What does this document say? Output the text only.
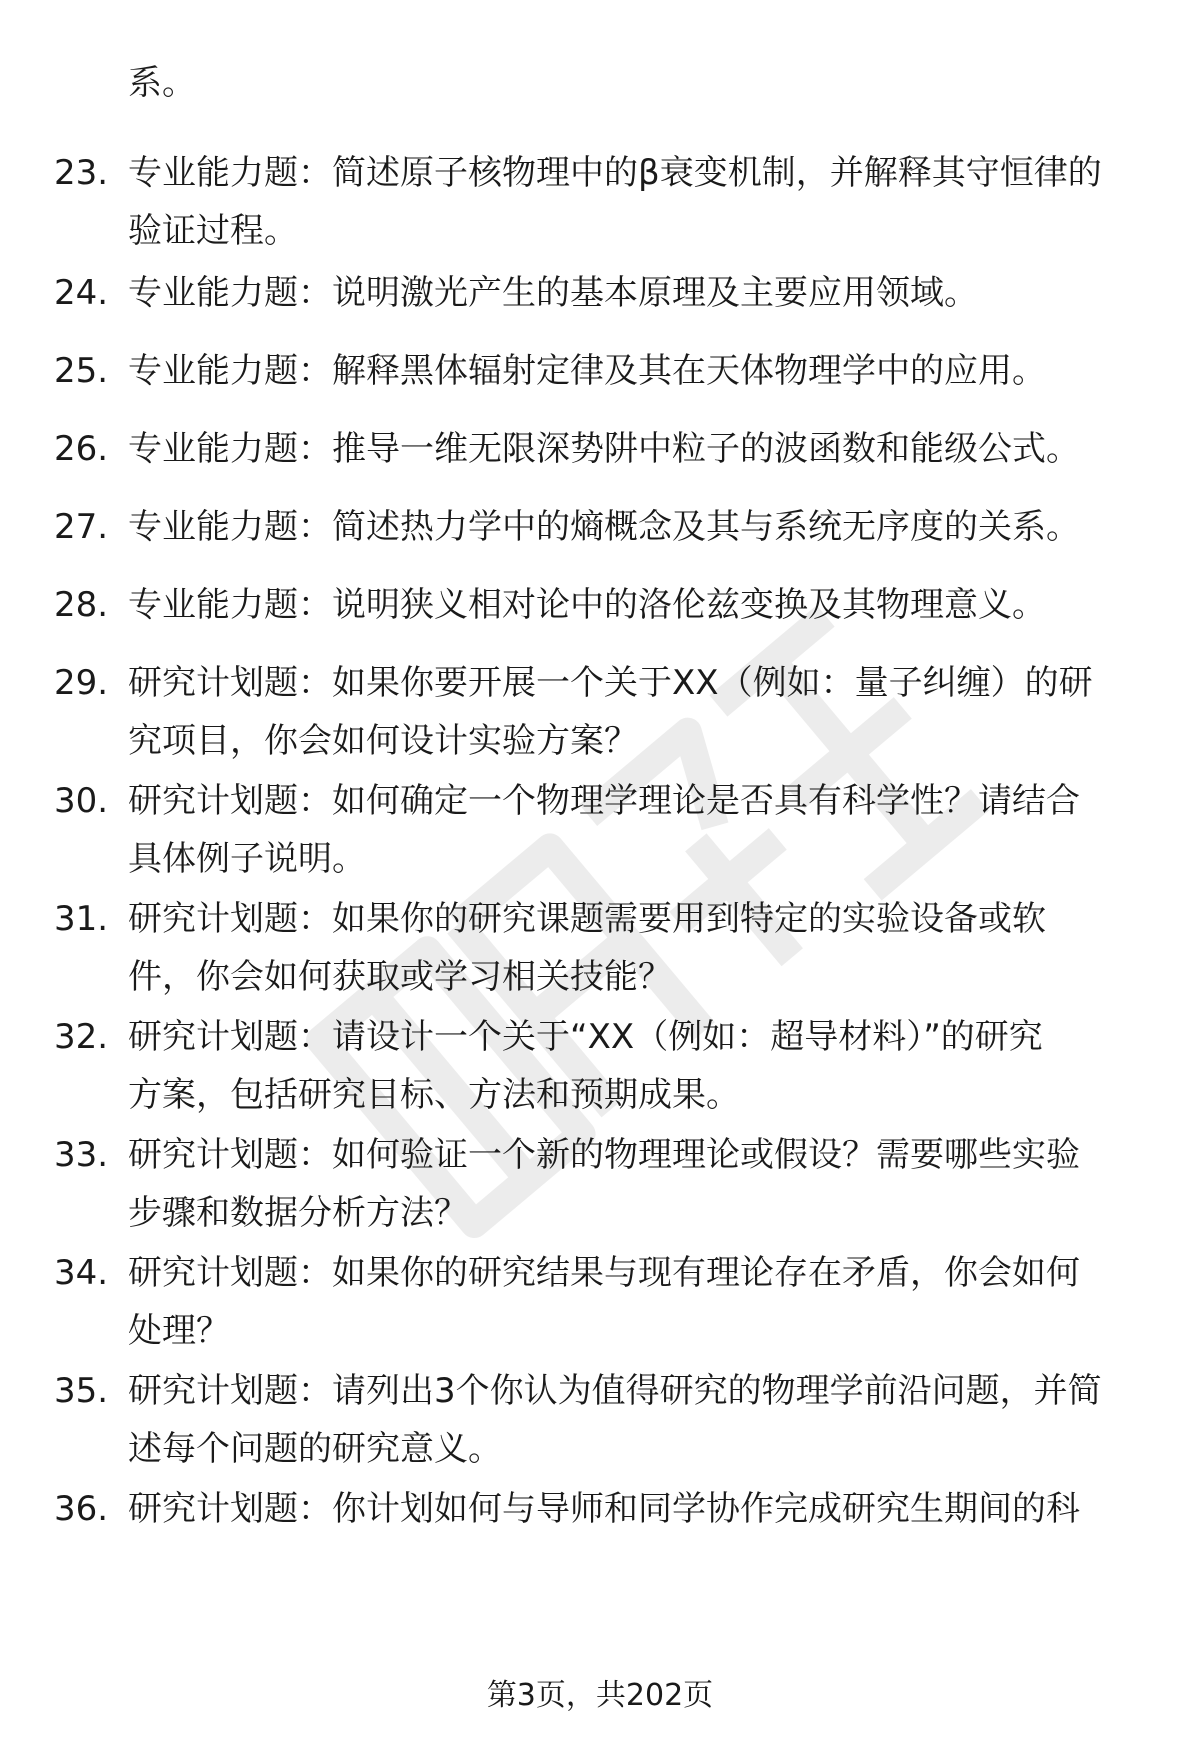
系。
23. 专业能力题：简述原子核物理中的β衰变机制，并解释其守恒律的
验证过程。
24. 专业能力题：说明激光产生的基本原理及主要应用领域。
25. 专业能力题：解释黑体辐射定律及其在天体物理学中的应用。
26. 专业能力题：推导一维无限深势阱中粒子的波函数和能级公式。
27. 专业能力题：简述热力学中的熵概念及其与系统无序度的关系。
28. 专业能力题：说明狭义相对论中的洛伦兹变换及其物理意义。
29. 研究计划题：如果你要开展一个关于XX（例如：量子纠缠）的研
究项目，你会如何设计实验方案？
30. 研究计划题：如何确定一个物理学理论是否具有科学性？请结合
具体例子说明。
31. 研究计划题：如果你的研究课题需要用到特定的实验设备或软
件，你会如何获取或学习相关技能？
32. 研究计划题：请设计一个关于“XX（例如：超导材料）”的研究
方案，包括研究目标、方法和预期成果。
33. 研究计划题：如何验证一个新的物理理论或假设？需要哪些实验
步骤和数据分析方法？
34. 研究计划题：如果你的研究结果与现有理论存在矛盾，你会如何
处理？
35. 研究计划题：请列出3个你认为值得研究的物理学前沿问题，并简
述每个问题的研究意义。
36. 研究计划题：你计划如何与导师和同学协作完成研究生期间的科
第3页，共202页
